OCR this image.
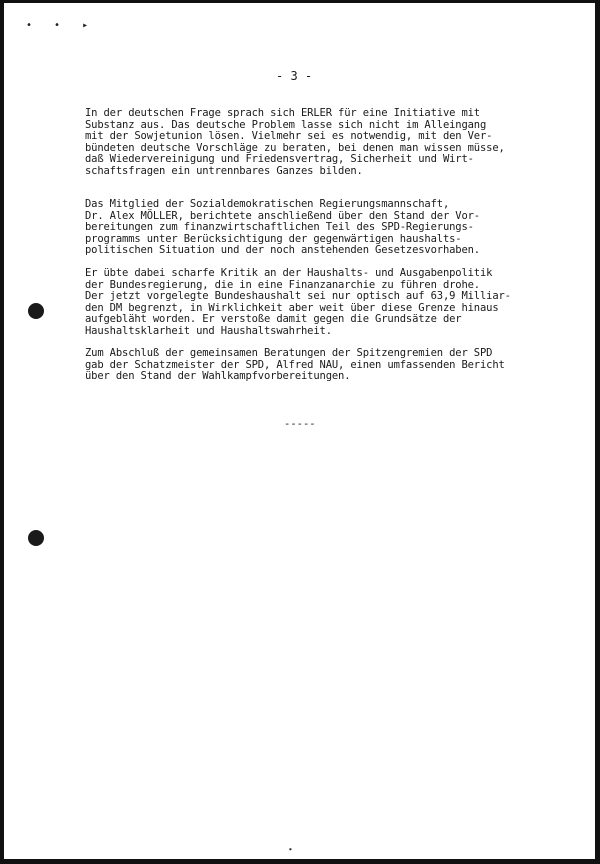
• • ▸
- 3 -

In der deutschen Frage sprach sich ERLER für eine Initiative mit
Substanz aus. Das deutsche Problem lasse sich nicht im Alleingang
mit der Sowjetunion lösen. Vielmehr sei es notwendig, mit den Ver-
bündeten deutsche Vorschläge zu beraten, bei denen man wissen müsse,
daß Wiedervereinigung und Friedensvertrag, Sicherheit und Wirt-
schaftsfragen ein untrennbares Ganzes bilden.

Das Mitglied der Sozialdemokratischen Regierungsmannschaft,
Dr. Alex MÖLLER, berichtete anschließend über den Stand der Vor-
bereitungen zum finanzwirtschaftlichen Teil des SPD-Regierungs-
programms unter Berücksichtigung der gegenwärtigen haushalts-
politischen Situation und der noch anstehenden Gesetzesvorhaben.

Er übte dabei scharfe Kritik an der Haushalts- und Ausgabenpolitik
der Bundesregierung, die in eine Finanzanarchie zu führen drohe.
Der jetzt vorgelegte Bundeshaushalt sei nur optisch auf 63,9 Milliar-
den DM begrenzt, in Wirklichkeit aber weit über diese Grenze hinaus
aufgebläht worden. Er verstoße damit gegen die Grundsätze der
Haushaltsklarheit und Haushaltswahrheit.

Zum Abschluß der gemeinsamen Beratungen der Spitzengremien der SPD
gab der Schatzmeister der SPD, Alfred NAU, einen umfassenden Bericht
über den Stand der Wahlkampfvorbereitungen.

-----
∙
